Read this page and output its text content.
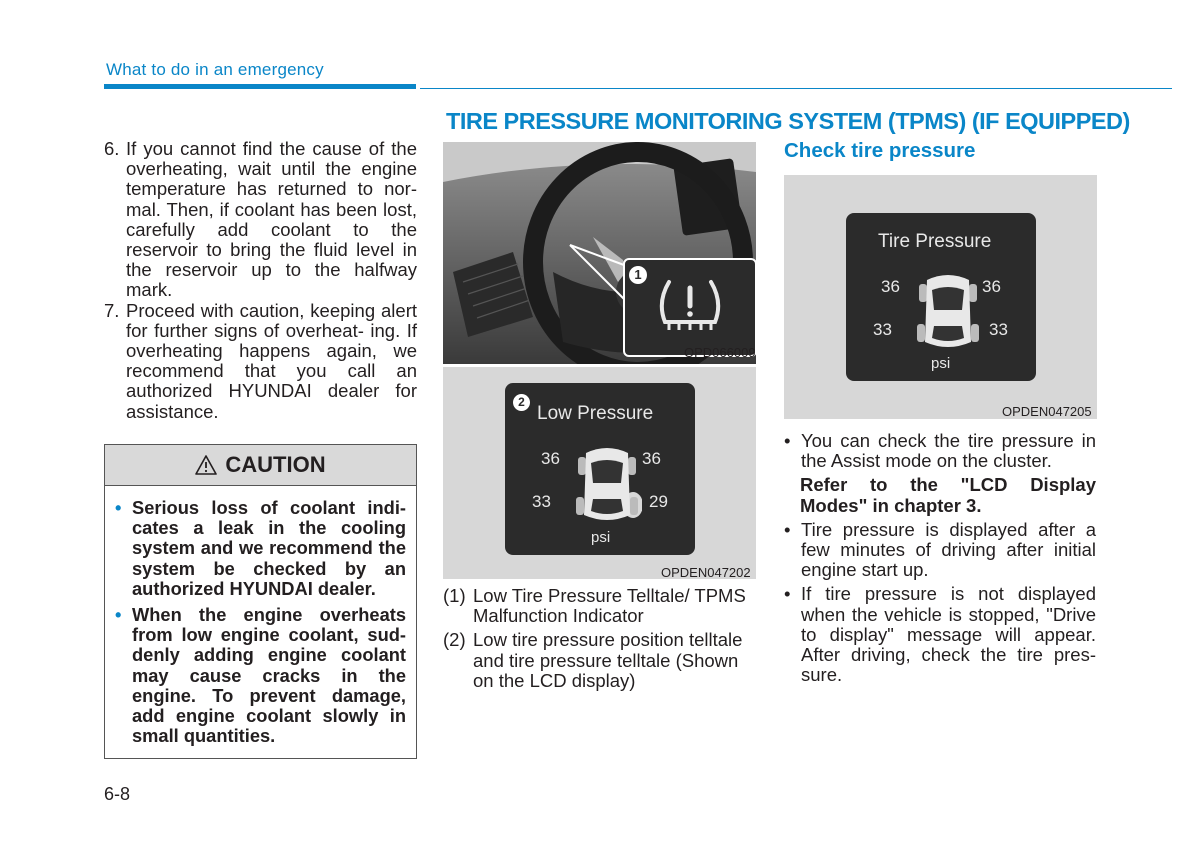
What to do in an emergency
6. If you cannot find the cause of the overheating, wait until the engine temperature has returned to nor- mal. Then, if coolant has been lost, carefully add coolant to the reservoir to bring the fluid level in the reservoir up to the halfway mark.
7. Proceed with caution, keeping alert for further signs of overheat- ing. If overheating happens again, we recommend that you call an authorized HYUNDAI dealer for assistance.
CAUTION
• Serious loss of coolant indi- cates a leak in the cooling system and we recommend the system be checked by an authorized HYUNDAI dealer.
• When the engine overheats from low engine coolant, sud- denly adding engine coolant may cause cracks in the engine. To prevent damage, add engine coolant slowly in small quantities.
6-8
TIRE PRESSURE MONITORING SYSTEM (TPMS) (IF EQUIPPED)
1
OPD066009
2
Low Pressure
36	36
33	29
psi
OPDEN047202
(1) Low Tire Pressure Telltale/ TPMS Malfunction Indicator
(2) Low tire pressure position telltale and tire pressure telltale (Shown on the LCD display)
Check tire pressure
Tire Pressure
36	36
33	33
psi
OPDEN047205
• You can check the tire pressure in the Assist mode on the cluster.
Refer to the "LCD Display Modes" in chapter 3.
• Tire pressure is displayed after a few minutes of driving after initial engine start up.
• If tire pressure is not displayed when the vehicle is stopped, "Drive to display" message will appear. After driving, check the tire pres- sure.
